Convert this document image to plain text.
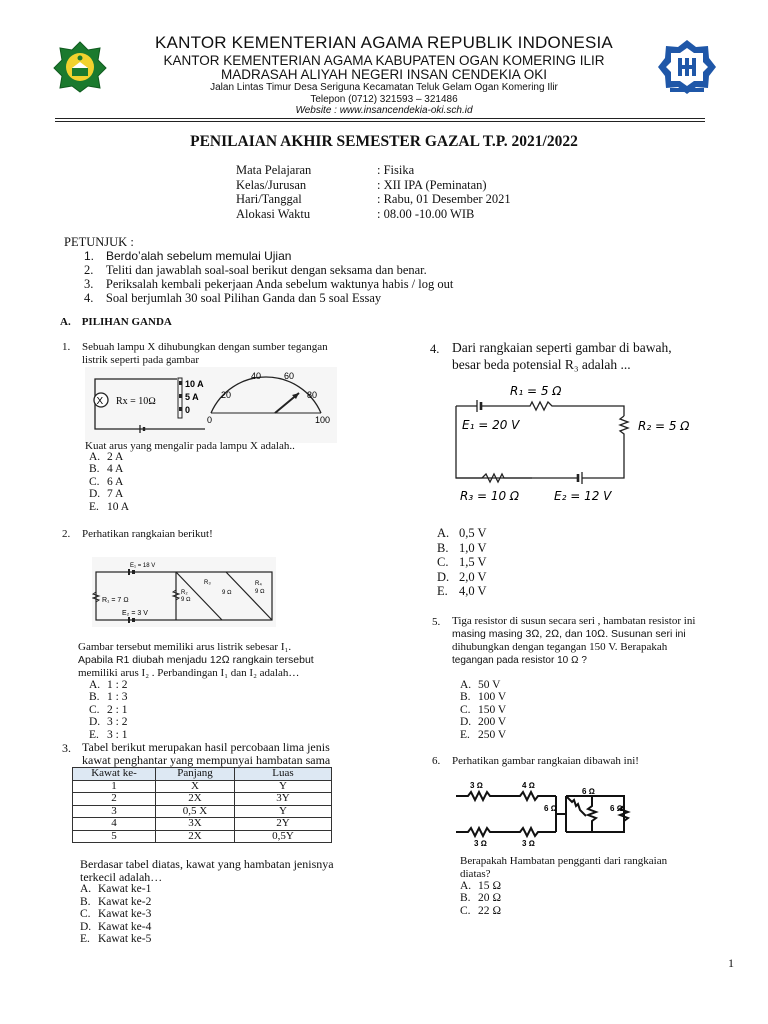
KANTOR KEMENTERIAN AGAMA REPUBLIK INDONESIA
KANTOR KEMENTERIAN AGAMA KABUPATEN OGAN KOMERING ILIR
MADRASAH ALIYAH NEGERI INSAN CENDEKIA OKI
Jalan Lintas Timur Desa Seriguna Kecamatan Teluk Gelam Ogan Komering Ilir
Telepon (0712) 321593 – 321486
Website : www.insancendekia-oki.sch.id
PENILAIAN AKHIR SEMESTER GAZAL T.P. 2021/2022
Mata Pelajaran	: Fisika
Kelas/Jurusan	: XII IPA (Peminatan)
Hari/Tanggal	: Rabu, 01 Desember 2021
Alokasi Waktu	: 08.00 -10.00 WIB
PETUNJUK :
1. Berdo’alah sebelum memulai Ujian
2. Teliti dan jawablah soal-soal berikut dengan seksama dan benar.
3. Periksalah kembali pekerjaan Anda sebelum waktunya habis / log out
4. Soal berjumlah 30 soal Pilihan Ganda dan 5 soal Essay
A. PILIHAN GANDA
1. Sebuah lampu X dihubungkan dengan sumber tegangan
listrik seperti pada gambar
X Rx = 10Ω
10 A
5 A
0
0
20
40	60
80
100
Kuat arus yang mengalir pada lampu X adalah..
A. 2 A
B. 4 A
C. 6 A
D. 7 A
E. 10 A
2. Perhatikan rangkaian berikut!
E₁ = 18 V
E₂ = 3 V
R₁ = 7 Ω
R₂
9 Ω
R₃
9 Ω
R₄
9 Ω
Gambar tersebut memiliki arus listrik sebesar I₁.
Apabila R1 diubah menjadu 12Ω rangkain tersebut
memiliki arus I₂ . Perbandingan I₁ dan I₂ adalah…
A. 1 : 2
B. 1 : 3
C. 2 : 1
D. 3 : 2
E. 3 : 1
3. Tabel berikut merupakan hasil percobaan lima jenis
kawat penghantar yang mempunyai hambatan sama
Kawat ke-	Panjang	Luas
1	X	Y
2	2X	3Y
3	0,5 X	Y
4	3X	2Y
5	2X	0,5Y
Berdasar tabel diatas, kawat yang hambatan jenisnya
terkecil adalah…
A. Kawat ke-1
B. Kawat ke-2
C. Kawat ke-3
D. Kawat ke-4
E. Kawat ke-5
4. Dari rangkaian seperti gambar di bawah,
besar beda potensial R₃ adalah ...
R₁ = 5 Ω
E₁ = 20 V	R₂ = 5 Ω
R₃ = 10 Ω	E₂ = 12 V
A. 0,5 V
B. 1,0 V
C. 1,5 V
D. 2,0 V
E. 4,0 V
5. Tiga resistor di susun secara seri , hambatan resistor ini
masing masing 3Ω, 2Ω, dan 10Ω. Susunan seri ini
dihubungkan dengan tegangan 150 V. Berapakah
tegangan pada resistor 10 Ω ?
A. 50 V
B. 100 V
C. 150 V
D. 200 V
E. 250 V
6. Perhatikan gambar rangkaian dibawah ini!
3 Ω	4 Ω
6 Ω
6 Ω
6 Ω
3 Ω	3 Ω
Berapakah Hambatan pengganti dari rangkaian
diatas?
A. 15 Ω
B. 20 Ω
C. 22 Ω
1
